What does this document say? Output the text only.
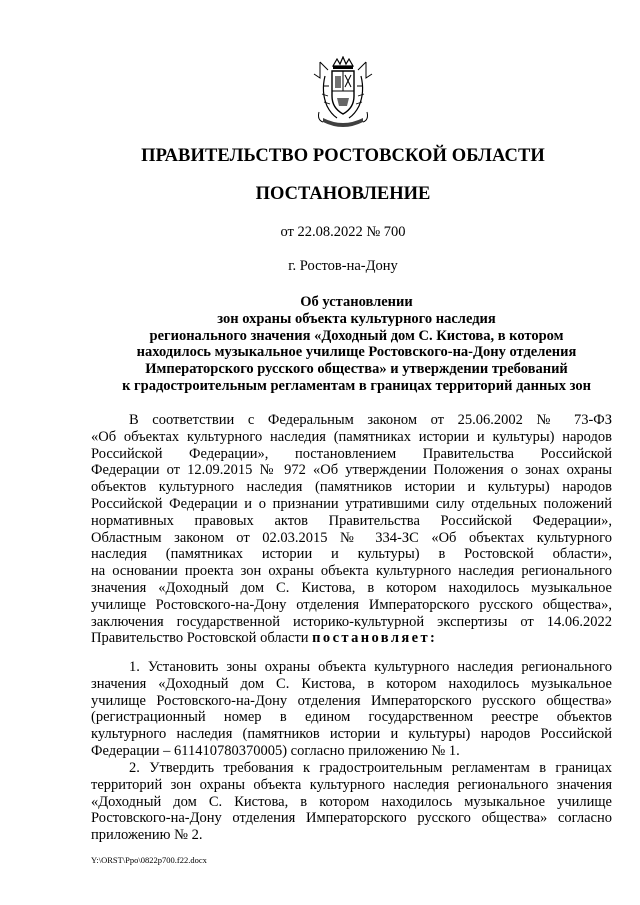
ПРАВИТЕЛЬСТВО РОСТОВСКОЙ ОБЛАСТИ
ПОСТАНОВЛЕНИЕ
от 22.08.2022 № 700
г. Ростов-на-Дону
Об установлении
зон охраны объекта культурного наследия
регионального значения «Доходный дом С. Кистова, в котором
находилось музыкальное училище Ростовского-на-Дону отделения
Императорского русского общества» и утверждении требований
к градостроительным регламентам в границах территорий данных зон
В соответствии с Федеральным законом от 25.06.2002 № 73-ФЗ
«Об объектах культурного наследия (памятниках истории и культуры) народов
Российской Федерации», постановлением Правительства Российской
Федерации от 12.09.2015 № 972 «Об утверждении Положения о зонах охраны
объектов культурного наследия (памятников истории и культуры) народов
Российской Федерации и о признании утратившими силу отдельных положений
нормативных правовых актов Правительства Российской Федерации»,
Областным законом от 02.03.2015 № 334-ЗС «Об объектах культурного
наследия (памятниках истории и культуры) в Ростовской области»,
на основании проекта зон охраны объекта культурного наследия регионального
значения «Доходный дом С. Кистова, в котором находилось музыкальное
училище Ростовского-на-Дону отделения Императорского русского общества»,
заключения государственной историко-культурной экспертизы от 14.06.2022
Правительство Ростовской области постановляет:
1. Установить зоны охраны объекта культурного наследия регионального
значения «Доходный дом С. Кистова, в котором находилось музыкальное
училище Ростовского-на-Дону отделения Императорского русского общества»
(регистрационный номер в едином государственном реестре объектов
культурного наследия (памятников истории и культуры) народов Российской
Федерации – 611410780370005) согласно приложению № 1.
2. Утвердить требования к градостроительным регламентам в границах
территорий зон охраны объекта культурного наследия регионального значения
«Доходный дом С. Кистова, в котором находилось музыкальное училище
Ростовского-на-Дону отделения Императорского русского общества» согласно
приложению № 2.
Y:\ORST\Ppo\0822p700.f22.docx
